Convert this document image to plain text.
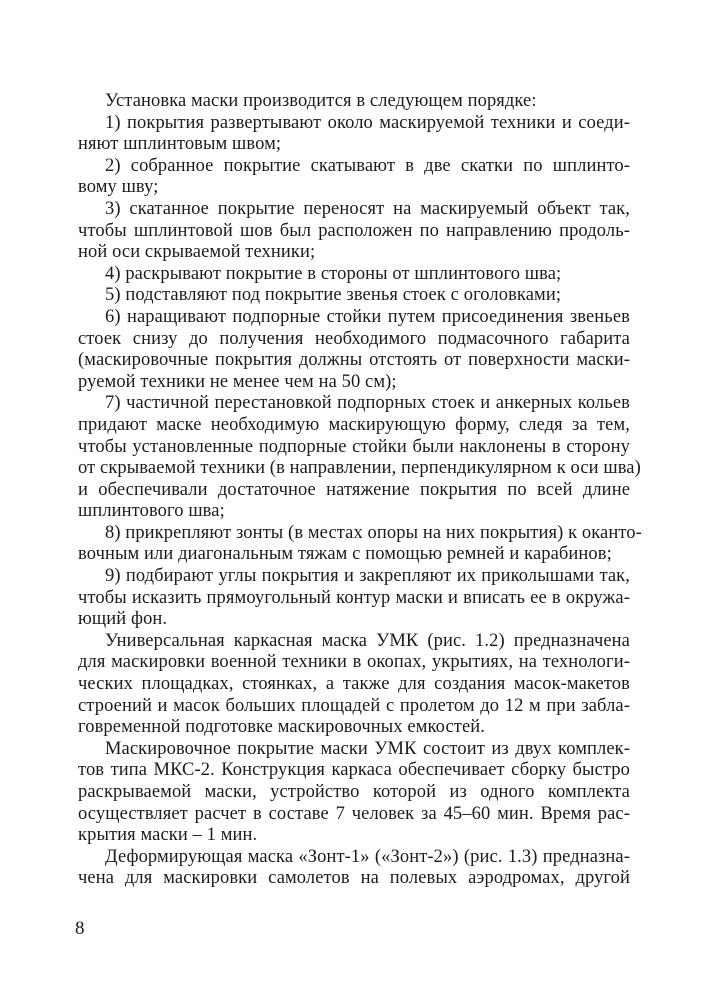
Установка маски производится в следующем порядке:
1) покрытия развертывают около маскируемой техники и соеди-
няют шплинтовым швом;
2) собранное покрытие скатывают в две скатки по шплинто-
вому шву;
3) скатанное покрытие переносят на маскируемый объект так,
чтобы шплинтовой шов был расположен по направлению продоль-
ной оси скрываемой техники;
4) раскрывают покрытие в стороны от шплинтового шва;
5) подставляют под покрытие звенья стоек с оголовками;
6) наращивают подпорные стойки путем присоединения звеньев
стоек снизу до получения необходимого подмасочного габарита
(маскировочные покрытия должны отстоять от поверхности маски-
руемой техники не менее чем на 50 см);
7) частичной перестановкой подпорных стоек и анкерных кольев
придают маске необходимую маскирующую форму, следя за тем,
чтобы установленные подпорные стойки были наклонены в сторону
от скрываемой техники (в направлении, перпендикулярном к оси шва)
и обеспечивали достаточное натяжение покрытия по всей длине
шплинтового шва;
8) прикрепляют зонты (в местах опоры на них покрытия) к оканто-
вочным или диагональным тяжам с помощью ремней и карабинов;
9) подбирают углы покрытия и закрепляют их приколышами так,
чтобы исказить прямоугольный контур маски и вписать ее в окружа-
ющий фон.
Универсальная каркасная маска УМК (рис. 1.2) предназначена
для маскировки военной техники в окопах, укрытиях, на технологи-
ческих площадках, стоянках, а также для создания масок-макетов
строений и масок больших площадей с пролетом до 12 м при забла-
говременной подготовке маскировочных емкостей.
Маскировочное покрытие маски УМК состоит из двух комплек-
тов типа МКС-2. Конструкция каркаса обеспечивает сборку быстро
раскрываемой маски, устройство которой из одного комплекта
осуществляет расчет в составе 7 человек за 45–60 мин. Время рас-
крытия маски – 1 мин.
Деформирующая маска «Зонт-1» («Зонт-2») (рис. 1.3) предназна-
чена для маскировки самолетов на полевых аэродромах, другой
8
